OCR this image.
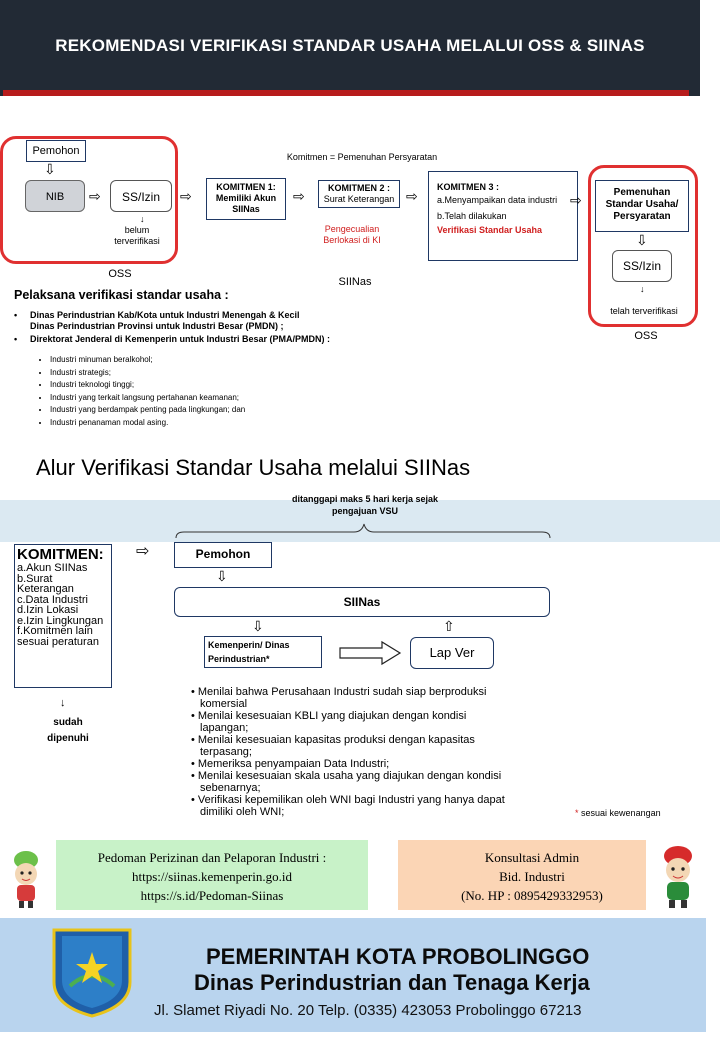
REKOMENDASI VERIFIKASI STANDAR USAHA MELALUI OSS & SIINAS
Pemohon
⇩
NIB	⇨	SS/Izin
↓
belum terverifikasi
OSS
⇨
Komitmen = Pemenuhan Persyaratan
KOMITMEN 1: Memiliki Akun SIINas
⇨	KOMITMEN 2 :
Surat Keterangan ⇨
Pengecualian Berlokasi di KI
KOMITMEN 3 :
a.Menyampaikan data industri
b.Telah dilakukan
Verifikasi Standar Usaha
SIINas
⇨	Pemenuhan Standar Usaha/ Persyaratan
⇩
SS/Izin
↓
telah terverifikasi
OSS
Pelaksana verifikasi standar usaha :
•	Dinas Perindustrian Kab/Kota untuk Industri Menengah & Kecil
Dinas Perindustrian Provinsi untuk Industri Besar (PMDN) ;
•	Direktorat Jenderal di Kemenperin untuk Industri Besar (PMA/PMDN) :
• Industri minuman beralkohol;
• Industri strategis;
• Industri teknologi tinggi;
• Industri yang terkait langsung pertahanan keamanan;
• Industri yang berdampak penting pada lingkungan; dan
• Industri penanaman modal asing.
Alur Verifikasi Standar Usaha melalui SIINas
ditanggapi maks 5 hari kerja sejak pengajuan VSU
KOMITMEN:
a.Akun SIINas
b.Surat Keterangan
c.Data Industri
d.Izin Lokasi
e.Izin Lingkungan
f.Komitmen lain sesuai peraturan
⇨
↓
sudah dipenuhi
Pemohon
⇩
SIINas
⇩	⇧
Kemenperin/ Dinas Perindustrian*	Lap Ver
• Menilai bahwa Perusahaan Industri sudah siap berproduksi komersial
• Menilai kesesuaian KBLI yang diajukan dengan kondisi lapangan;
• Menilai kesesuaian kapasitas produksi dengan kapasitas terpasang;
• Memeriksa penyampaian Data Industri;
• Menilai kesesuaian skala usaha yang diajukan dengan kondisi sebenarnya;
• Verifikasi kepemilikan oleh WNI bagi Industri yang hanya dapat dimiliki oleh WNI;	* sesuai kewenangan
Pedoman Perizinan dan Pelaporan Industri :
https://siinas.kemenperin.go.id
https://s.id/Pedoman-Siinas
Konsultasi Admin
Bid. Industri
(No. HP : 0895429332953)
PEMERINTAH KOTA PROBOLINGGO
Dinas Perindustrian dan Tenaga Kerja
Jl. Slamet Riyadi No. 20 Telp. (0335) 423053 Probolinggo 67213
